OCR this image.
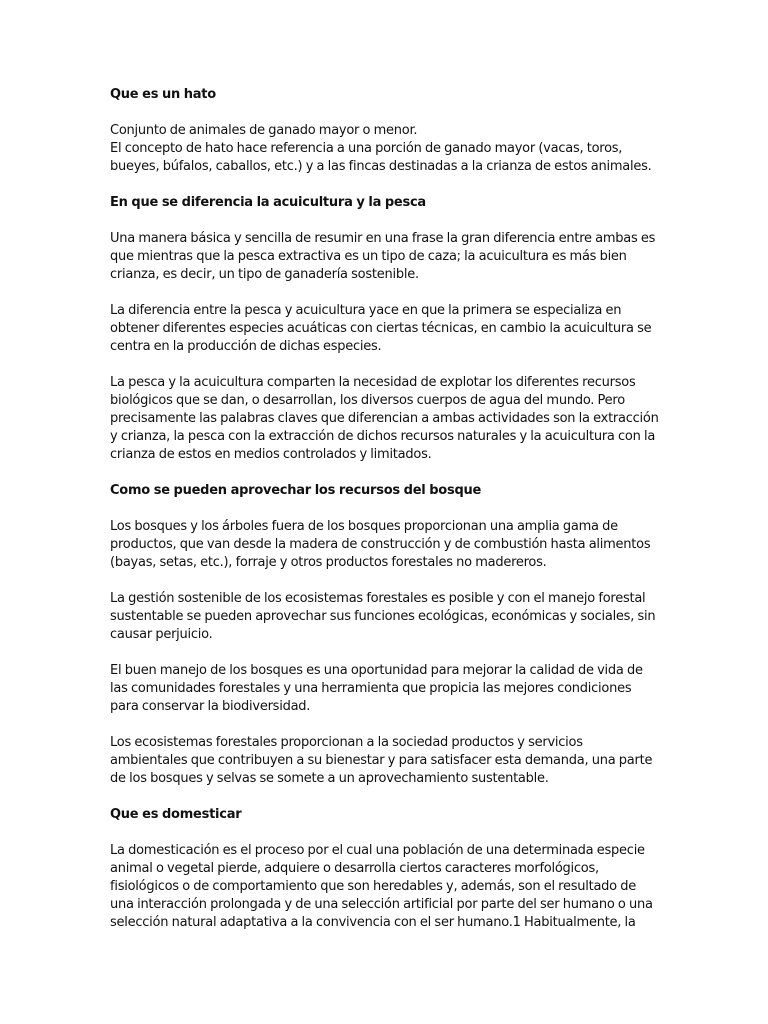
Que es un hato

Conjunto de animales de ganado mayor o menor.
El concepto de hato hace referencia a una porción de ganado mayor (vacas, toros,
bueyes, búfalos, caballos, etc.) y a las fincas destinadas a la crianza de estos animales.

En que se diferencia la acuicultura y la pesca

Una manera básica y sencilla de resumir en una frase la gran diferencia entre ambas es
que mientras que la pesca extractiva es un tipo de caza; la acuicultura es más bien
crianza, es decir, un tipo de ganadería sostenible.

La diferencia entre la pesca y acuicultura yace en que la primera se especializa en
obtener diferentes especies acuáticas con ciertas técnicas, en cambio la acuicultura se
centra en la producción de dichas especies.

La pesca y la acuicultura comparten la necesidad de explotar los diferentes recursos
biológicos que se dan, o desarrollan, los diversos cuerpos de agua del mundo. Pero
precisamente las palabras claves que diferencian a ambas actividades son la extracción
y crianza, la pesca con la extracción de dichos recursos naturales y la acuicultura con la
crianza de estos en medios controlados y limitados.

Como se pueden aprovechar los recursos del bosque

Los bosques y los árboles fuera de los bosques proporcionan una amplia gama de
productos, que van desde la madera de construcción y de combustión hasta alimentos
(bayas, setas, etc.), forraje y otros productos forestales no madereros.

La gestión sostenible de los ecosistemas forestales es posible y con el manejo forestal
sustentable se pueden aprovechar sus funciones ecológicas, económicas y sociales, sin
causar perjuicio.

El buen manejo de los bosques es una oportunidad para mejorar la calidad de vida de
las comunidades forestales y una herramienta que propicia las mejores condiciones
para conservar la biodiversidad.

Los ecosistemas forestales proporcionan a la sociedad productos y servicios
ambientales que contribuyen a su bienestar y para satisfacer esta demanda, una parte
de los bosques y selvas se somete a un aprovechamiento sustentable.

Que es domesticar

La domesticación es el proceso por el cual una población de una determinada especie
animal o vegetal pierde, adquiere o desarrolla ciertos caracteres morfológicos,
fisiológicos o de comportamiento que son heredables y, además, son el resultado de
una interacción prolongada y de una selección artificial por parte del ser humano o una
selección natural adaptativa a la convivencia con el ser humano.1 Habitualmente, la
